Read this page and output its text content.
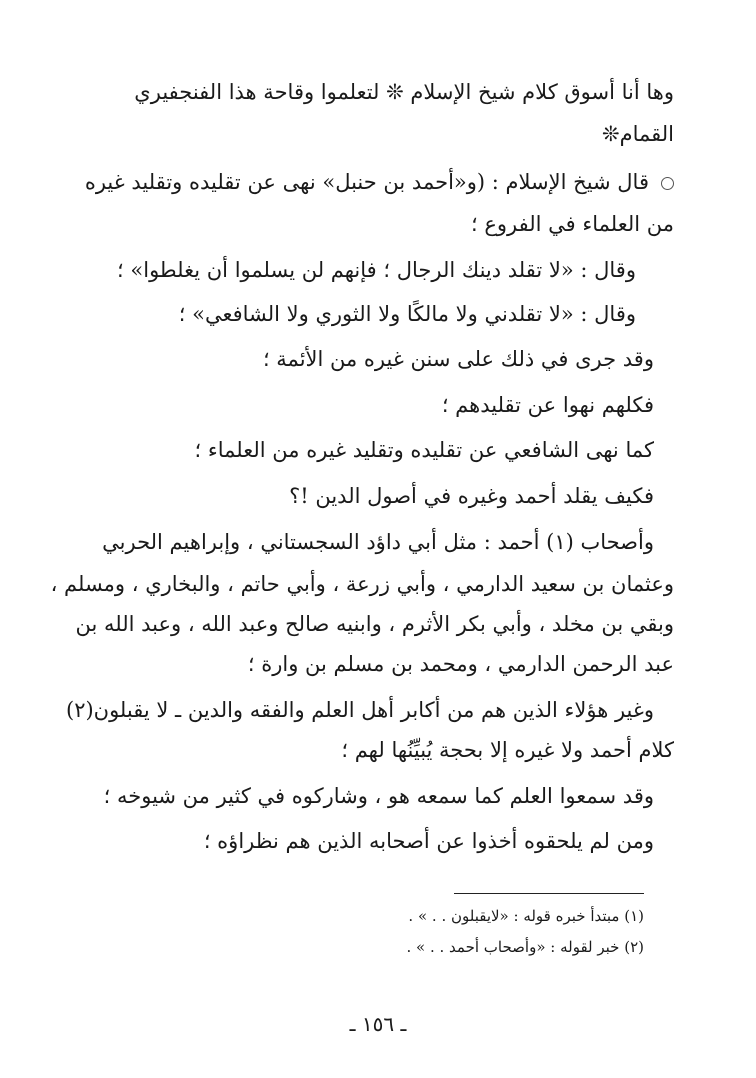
وها أنا أسوق كلام شيخ الإسلام ❊ لتعلموا وقاحة هذا الفنجفيري
القمام❊
قال شيخ الإسلام : (و«أحمد بن حنبل» نهى عن تقليده وتقليد غيره
من العلماء في الفروع ؛
وقال : «لا تقلد دينك الرجال ؛ فإنهم لن يسلموا أن يغلطوا» ؛
وقال : «لا تقلدني ولا مالكًا ولا الثوري ولا الشافعي» ؛
وقد جرى في ذلك على سنن غيره من الأئمة ؛
فكلهم نهوا عن تقليدهم ؛
كما نهى الشافعي عن تقليده وتقليد غيره من العلماء ؛
فكيف يقلد أحمد وغيره في أصول الدين !؟
وأصحاب (١) أحمد : مثل أبي داؤد السجستاني ، وإبراهيم الحربي
وعثمان بن سعيد الدارمي ، وأبي زرعة ، وأبي حاتم ، والبخاري ، ومسلم ،
وبقي بن مخلد ، وأبي بكر الأثرم ، وابنيه صالح وعبد الله ، وعبد الله بن
عبد الرحمن الدارمي ، ومحمد بن مسلم بن وارة ؛
وغير هؤلاء الذين هم من أكابر أهل العلم والفقه والدين ـ لا يقبلون(٢)
كلام أحمد ولا غيره إلا بحجة يُبيِّنُها لهم ؛
وقد سمعوا العلم كما سمعه هو ، وشاركوه في كثير من شيوخه ؛
ومن لم يلحقوه أخذوا عن أصحابه الذين هم نظراؤه ؛
(١) مبتدأ خبره قوله : «لايقبلون . . » .
(٢) خبر لقوله : «وأصحاب أحمد . . » .
ـ ١٥٦ ـ
